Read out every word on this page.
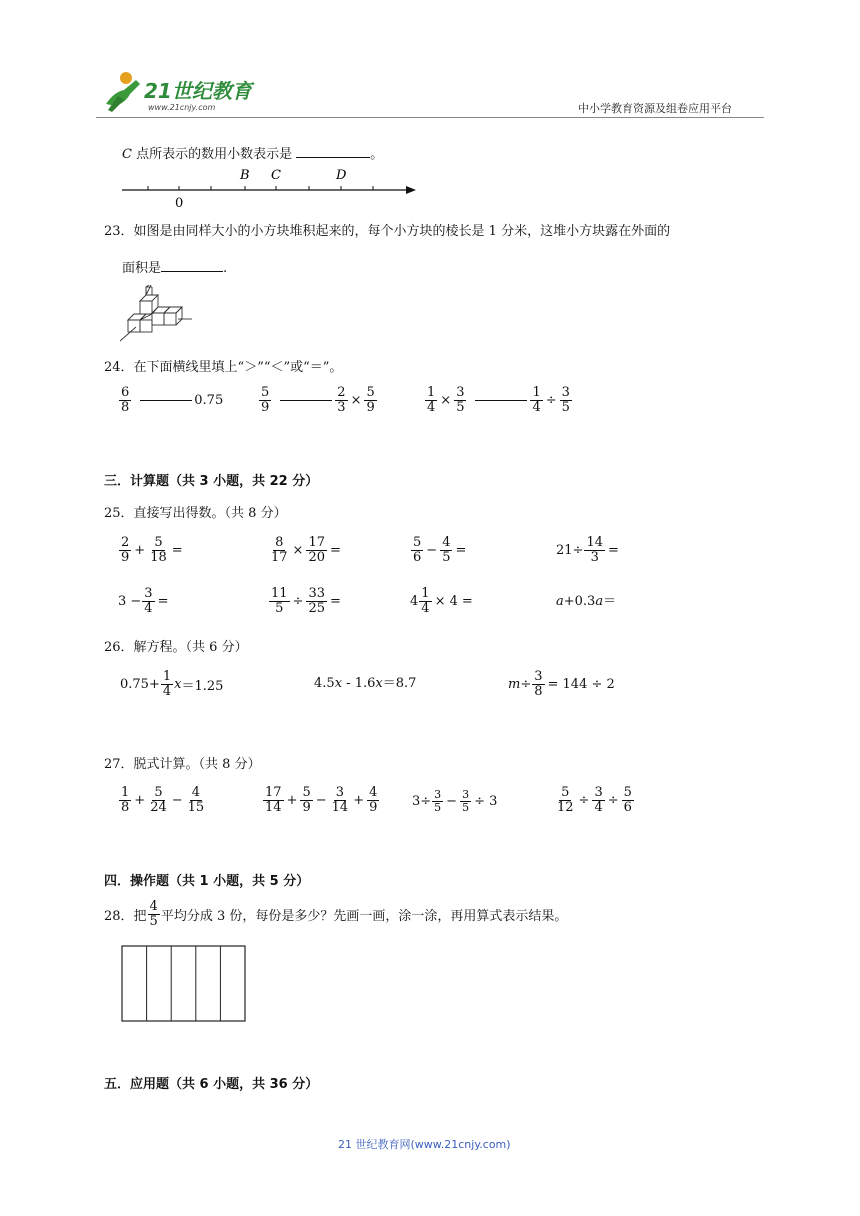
21世纪教育
www.21cnjy.com	中小学教育资源及组卷应用平台
C 点所表示的数用小数表示是	。
B C	D
0
23．如图是由同样大小的小方块堆积起来的，每个小方块的棱长是 1 分米，这堆小方块露在外面的
面积是	.
24．在下面横线里填上“＞”“＜”或“＝”。
$\frac{6}{8}$	0.75	$\frac{5}{9}$	$\frac{2}{3} \times \frac{5}{9}$	$\frac{1}{4} \times \frac{3}{5}$	$\frac{1}{4} \div \frac{3}{5}$
三．计算题（共 3 小题，共 22 分）
25．直接写出得数。（共 8 分）
$\frac{2}{9} + \frac{5}{18}$ =	$\frac{8}{17} \times \frac{17}{20}$ =	$\frac{5}{6} - \frac{4}{5}$ =	$21\div \frac{14}{3}$ =
$3 - \frac{3}{4}$ =	$\frac{11}{5} \div \frac{33}{25}$ =	$4 \frac{1}{4} \times 4$ =	a+0.3a＝
26．解方程。（共 6 分）
$0.75+ \frac{1}{4}$ x ＝1.25	4.5x - 1.6x＝8.7	$m \div \frac{3}{8} = 144 \div 2$
27．脱式计算。（共 8 分）
$\frac{1}{8} + \frac{5}{24} - \frac{4}{15}$	$\frac{17}{14} + \frac{5}{9} - \frac{3}{14} + \frac{4}{9}$	$3\div \frac{3}{5} - \frac{3}{5} \div 3$	$\frac{5}{12} \div \frac{3}{4} \div \frac{5}{6}$
四．操作题（共 1 小题，共 5 分）
28．把 $\frac{4}{5}$ 平均分成 3 份，每份是多少？先画一画，涂一涂，再用算式表示结果。
五．应用题（共 6 小题，共 36 分）
21 世纪教育网(www.21cnjy.com)
